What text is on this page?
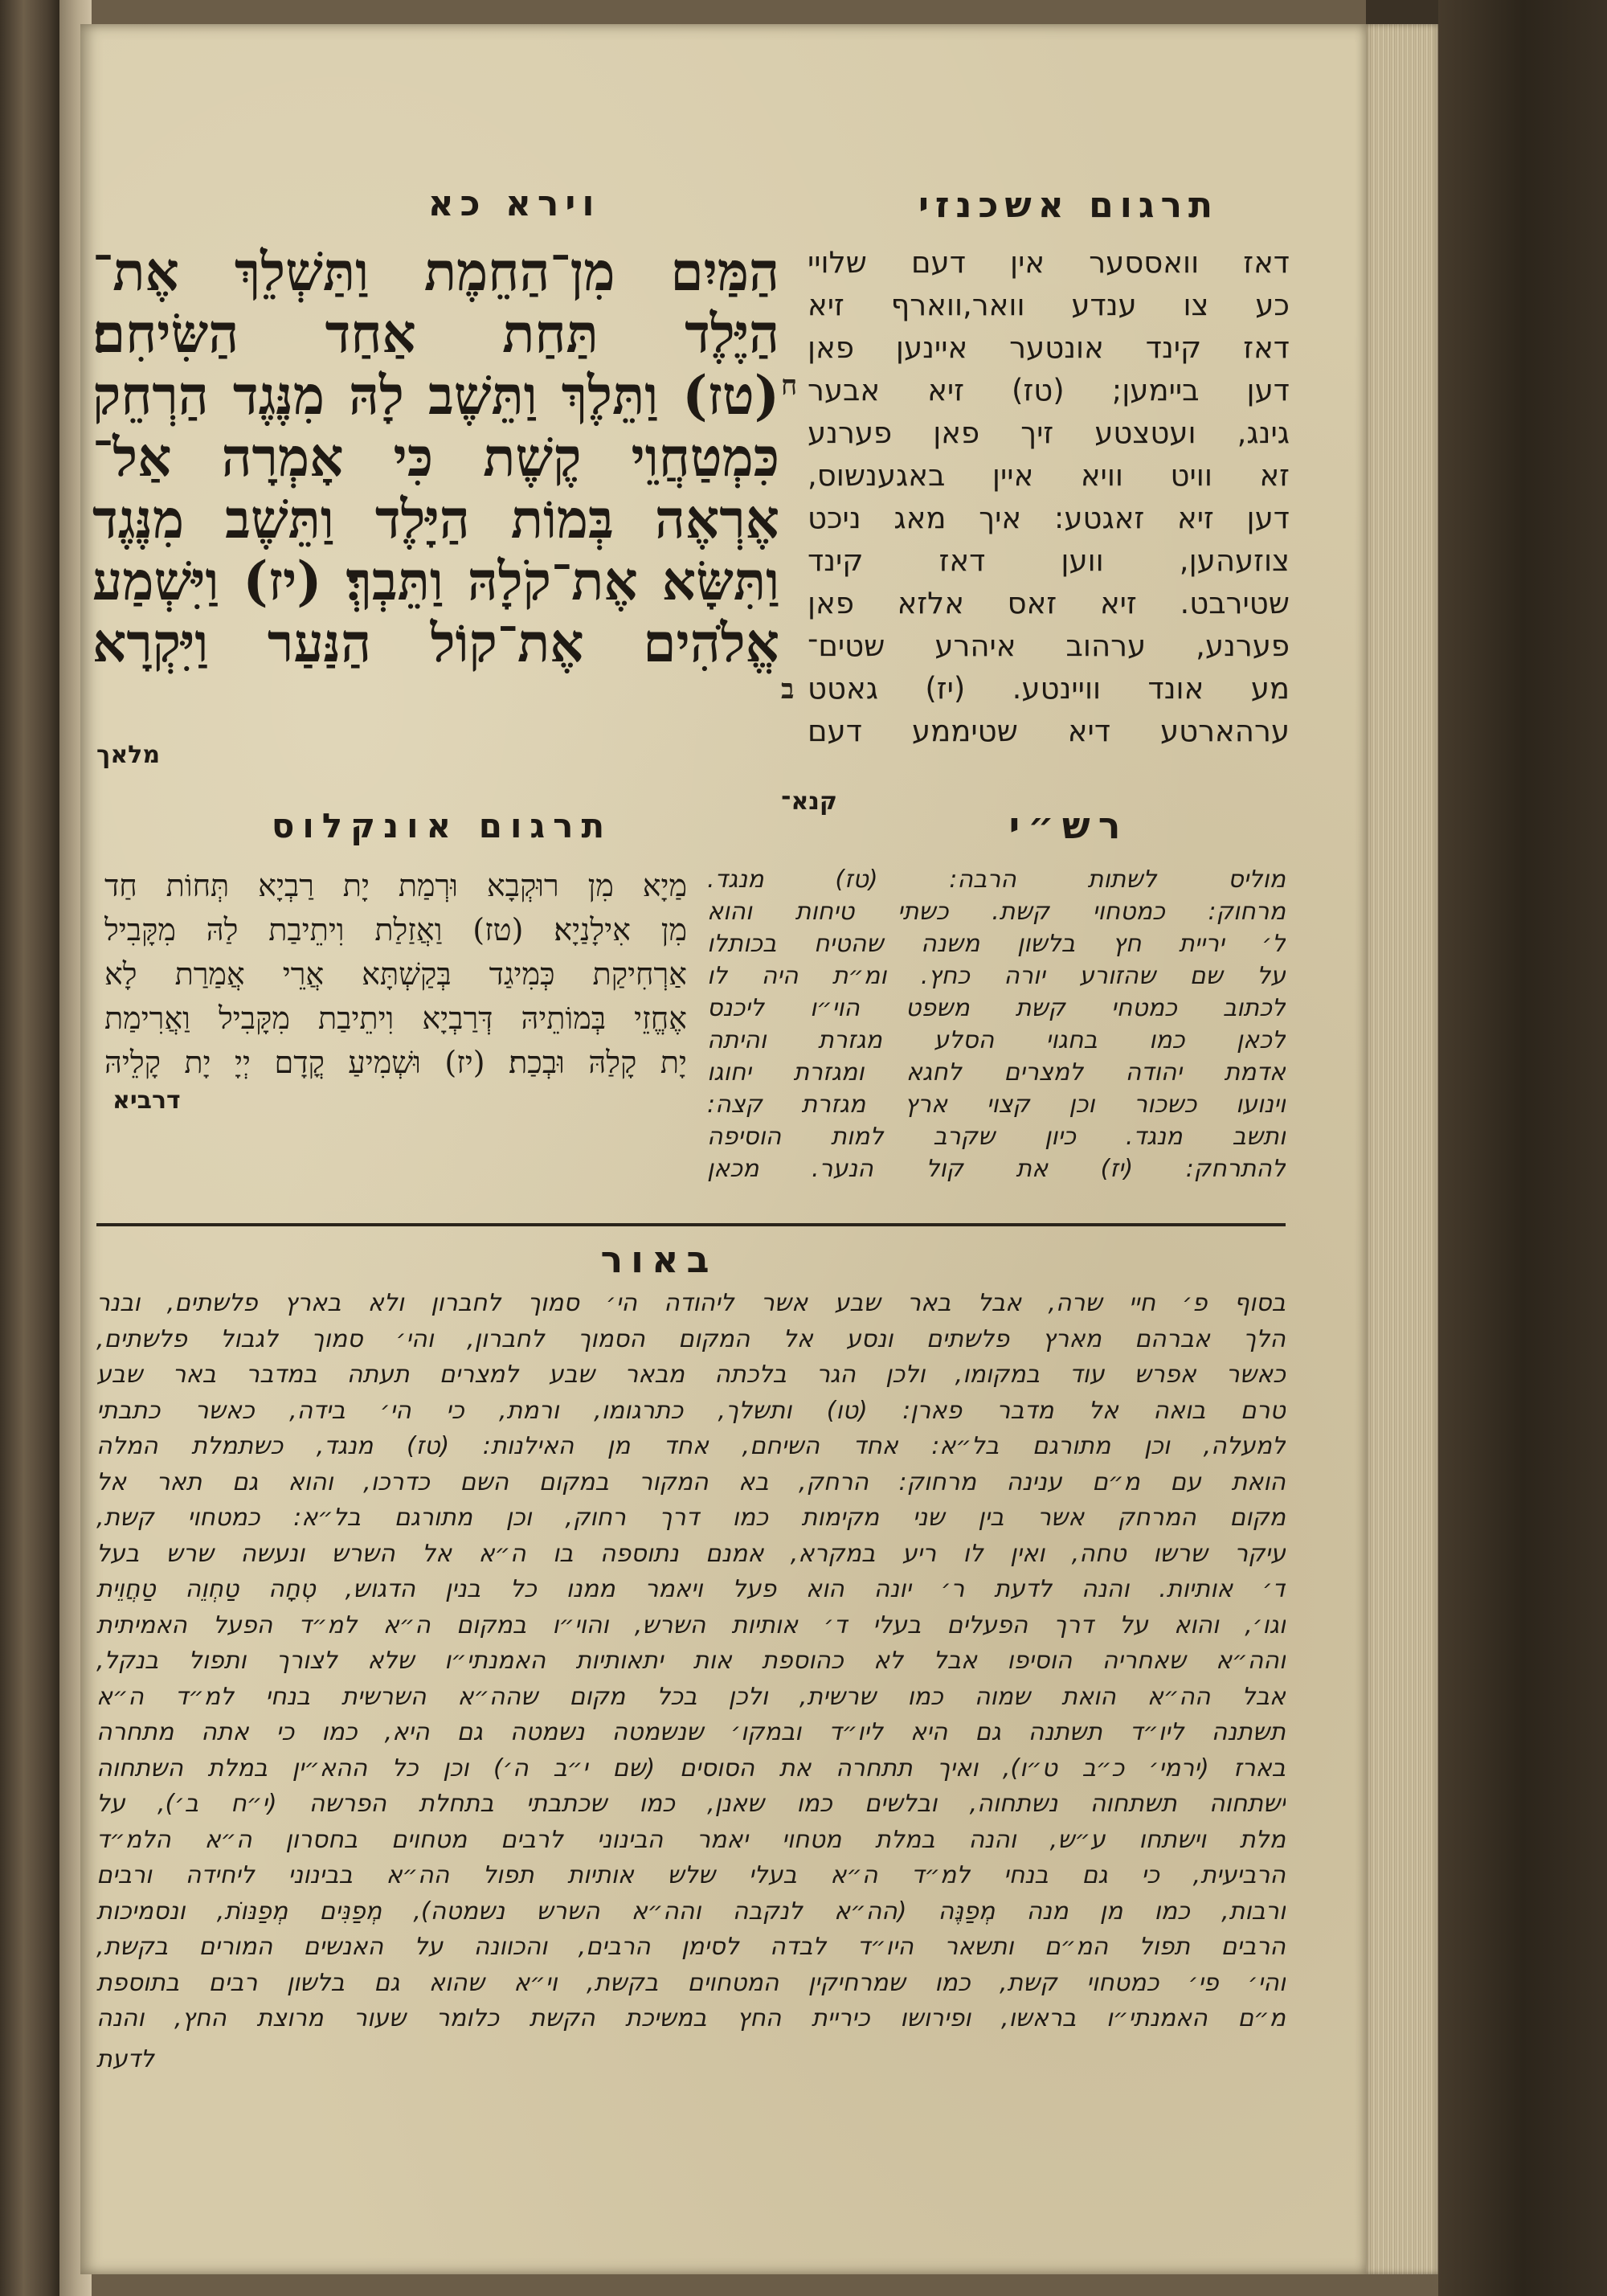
וירא כא	תרגום אשכנזי
הַמַּיִם מִן־הַחֵמֶת וַתַּשְׁלֵךְ אֶת־
הַיֶּלֶד תַּחַת אַחַד הַשִּׂיחִם׃
(טז) וַתֵּלֶךְ וַתֵּשֶׁב לָהּ מִנֶּגֶד הַרְחֵק
כִּמְטַחֲוֵי קֶשֶׁת כִּי אָמְרָה אַל־
אֶרְאֶה בְּמוֹת הַיָּלֶד וַתֵּשֶׁב מִנֶּגֶד
וַתִּשָּׂא אֶת־קֹלָהּ וַתֵּבְךְּ׃ (יז) וַיִּשְׁמַע
אֱלֹהִים אֶת־קוֹל הַנַּעַר וַיִּקְרָא
מלאך
ח
ב
דאז וואססער אין דעם שלויי
כע צו ענדע וואר,ווארף זיא
דאז קינד אונטער איינען פאן
דען ביימען; (טז) זיא אבער
גינג, ועטצטע זיך פאן פערנע
זא וויט וויא איין באגענשוס,
דען זיא זאגטע: איך מאג ניכט
צוזעהען, ווען דאז קינד
שטירבט. זיא זאס אלזא פאן
פערנע, ערהוב איהרע שטים־
מע אונד וויינטע. (יז) גאטט
ערהארטע דיא שטיממע דעם
קנא־
תרגום אונקלוס	רש״י
מַיָא מִן רוּקְבָא וּרְמַת יָת רַבְיָא תְּחוֹת חַד
מִן אִילָנַיָא׃ (טז) וַאֲזַלַת וִיתֵיבַת לַהּ מִקָּבִיל
אַרְחִיקַת כְּמִיגַד בְּקַשְׁתָּא אֲרֵי אֲמַרַת לָא
אֶחֱזֵי בְּמוֹתֵיהּ דְּרַבְיָא וִיתֵיבַת מִקָּבִיל וַאֲרִימַת
יָת קָלַהּ וּבְכַת׃ (יז) וּשְׁמִיעַ קֳדָם יְיָ יָת קָלֵיהּ
דרביא
מוליס לשתות הרבה: (טז) מנגד.
מרחוק: כמטחוי קשת. כשתי טיחות והוא
ל׳ יריית חץ בלשון משנה שהטיח בכותלו
על שם שהזורע יורה כחץ. ומ״ת היה לו
לכתוב כמטחי קשת משפט הוי״ו ליכנס
לכאן כמו בחגוי הסלע מגזרת והיתה
אדמת יהודה למצרים לחגא ומגזרת יחוגו
וינועו כשכור וכן קצוי ארץ מגזרת קצה:
ותשב מנגד. כיון שקרב למות הוסיפה
להתרחק: (יז) את קול הנער. מכאן
באור
בסוף פ׳ חיי שרה, אבל באר שבע אשר ליהודה הי׳ סמוך לחברון ולא בארץ פלשתים, ובנר
הלך אברהם מארץ פלשתים ונסע אל המקום הסמוך לחברון, והי׳ סמוך לגבול פלשתים,
כאשר אפרש עוד במקומו, ולכן הגר בלכתה מבאר שבע למצרים תעתה במדבר באר שבע
טרם בואה אל מדבר פארן: (טו) ותשלך, כתרגומו, ורמת, כי הי׳ בידה, כאשר כתבתי
למעלה, וכן מתורגם בל״א: אחד השיחם, אחד מן האילנות: (טז) מנגד, כשתמלת המלה
הואת עם מ״ם ענינה מרחוק: הרחק, בא המקור במקום השם כדרכו, והוא גם תאר אל
מקום המרחק אשר בין שני מקימות כמו דרך רחוק, וכן מתורגם בל״א: כמטחוי קשת,
עיקר שרשו טחה, ואין לו ריע במקרא, אמנם נתוספה בו ה״א אל השרש ונעשה שרש בעל
ד׳ אותיות. והנה לדעת ר׳ יונה הוא פעל ויאמר ממנו כל בנין הדגוש, טְחָה טַחְוֵה טַחֲוֵית
וגו׳, והוא על דרך הפעלים בעלי ד׳ אותיות השרש, והוי״ו במקום ה״א למ״ד הפעל האמיתית
והה״א שאחריה הוסיפו אבל לא כהוספת אות יתאותיות האמנתי״ו שלא לצורך ותפול בנקל,
אבל הה״א הואת שמוה כמו שרשית, ולכן בכל מקום שהה״א השרשית בנחי למ״ד ה״א
תשתנה ליו״ד תשתנה גם היא ליו״ד ובמקו׳ שנשמטה נשמטה גם היא, כמו כי אתה מתחרה
בארז (ירמי׳ כ״ב ט״ו), ואיך תתחרה את הסוסים (שם י״ב ה׳) וכן כל ההא״ין במלת השתחוה
ישתחוה תשתחוה נשתחוה, ובלשים כמו שאנן, כמו שכתבתי בתחלת הפרשה (י״ח ב׳), על
מלת וישתחו ע״ש, והנה במלת מטחוי יאמר הבינוני לרבים מטחוים בחסרון ה״א הלמ״ד
הרביעית, כי גם בנחי למ״ד ה״א בעלי שלש אותיות תפול הה״א בבינוני ליחידה ורבים
ורבות, כמו מן מנה מְפַנֶּה (הה״א לנקבה והה״א השרש נשמטה), מְפַנִּים מְפַנּוֹת, ונסמיכות
הרבים תפול המ״ם ותשאר היו״ד לבדה לסימן הרבים, והכוונה על האנשים המורים בקשת,
והי׳ פי׳ כמטחוי קשת, כמו שמרחיקין המטחוים בקשת, וי״א שהוא גם בלשון רבים בתוספת
מ״ם האמנתי״ו בראשו, ופירושו כיריית החץ במשיכת הקשת כלומר שעור מרוצת החץ, והנה
לדעת
